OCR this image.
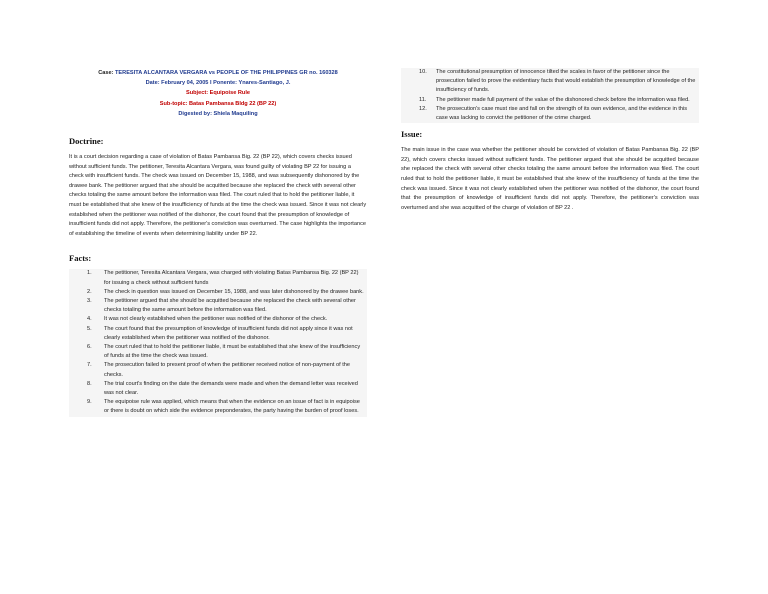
Case: TERESITA ALCANTARA VERGARA vs PEOPLE OF THE PHILIPPINES GR no. 160328
Date: February 04, 2005 I Ponente: Ynares-Santiago, J.
Subject: Equipoise Rule
Sub-topic: Batas Pambansa Bldg 22 (BP 22)
Digested by: Shiela Maquiling
Doctrine:

It is a court decision regarding a case of violation of Batas Pambansa Big. 22 (BP 22), which covers checks issued without sufficient funds. The petitioner, Teresita Alcantara Vergara, was found guilty of violating BP 22 for issuing a check with insufficient funds. The check was issued on December 15, 1988, and was subsequently dishonored by the drawee bank. The petitioner argued that she should be acquitted because she replaced the check with several other checks totaling the same amount before the information was filed. The court ruled that to hold the petitioner liable, it must be established that she knew of the insufficiency of funds at the time the check was issued. Since it was not clearly established when the petitioner was notified of the dishonor, the court found that the presumption of knowledge of insufficient funds did not apply. Therefore, the petitioner's conviction was overturned. The case highlights the importance of establishing the timeline of events when determining liability under BP 22.

Facts:
1.	The petitioner, Teresita Alcantara Vergara, was charged with violating Batas Pambansa Big. 22 (BP 22) for issuing a check without sufficient funds
2.	The check in question was issued on December 15, 1988, and was later dishonored by the drawee bank.
3.	The petitioner argued that she should be acquitted because she replaced the check with several other checks totaling the same amount before the information was filed.
4.	It was not clearly established when the petitioner was notified of the dishonor of the check.
5.	The court found that the presumption of knowledge of insufficient funds did not apply since it was not clearly established when the petitioner was notified of the dishonor.
6.	The court ruled that to hold the petitioner liable, it must be established that she knew of the insufficiency of funds at the time the check was issued.
7.	The prosecution failed to present proof of when the petitioner received notice of non-payment of the checks.
8.	The trial court's finding on the date the demands were made and when the demand letter was received was not clear.
9.	The equipoise rule was applied, which means that when the evidence on an issue of fact is in equipoise or there is doubt on which side the evidence preponderates, the party having the burden of proof loses.
10.	The constitutional presumption of innocence tilted the scales in favor of the petitioner since the prosecution failed to prove the evidentiary facts that would establish the presumption of knowledge of the insufficiency of funds.
11.	The petitioner made full payment of the value of the dishonored check before the information was filed.
12.	The prosecution's case must rise and fall on the strength of its own evidence, and the evidence in this case was lacking to convict the petitioner of the crime charged.
Issue:

The main issue in the case was whether the petitioner should be convicted of violation of Batas Pambansa Big. 22 (BP 22), which covers checks issued without sufficient funds. The petitioner argued that she should be acquitted because she replaced the check with several other checks totaling the same amount before the information was filed. The court ruled that to hold the petitioner liable, it must be established that she knew of the insufficiency of funds at the time the check was issued. Since it was not clearly established when the petitioner was notified of the dishonor, the court found that the presumption of knowledge of insufficient funds did not apply. Therefore, the petitioner's conviction was overturned and she was acquitted of the charge of violation of BP 22 .
